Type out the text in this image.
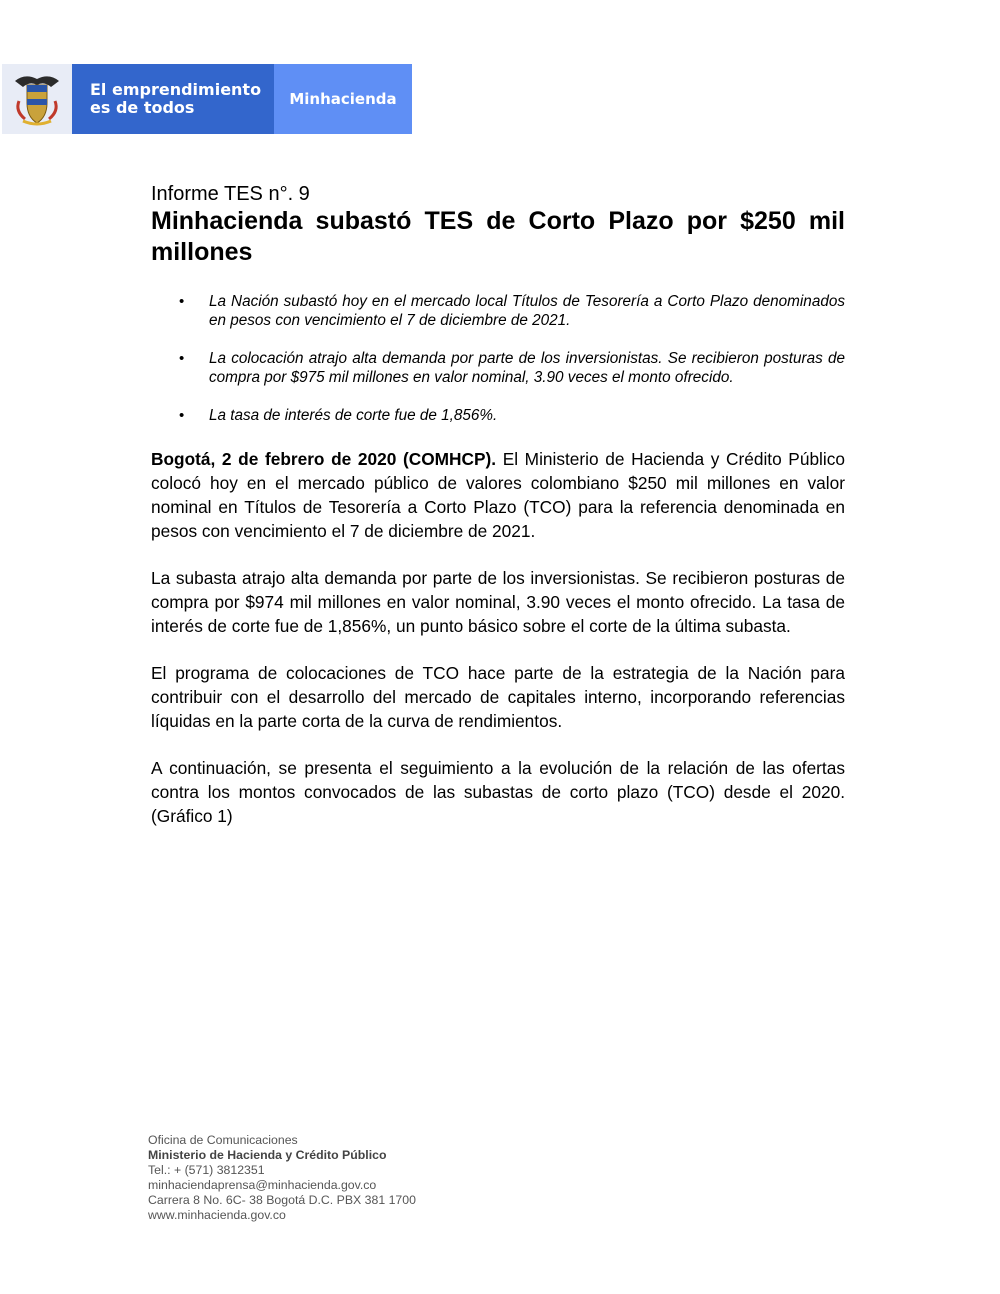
El emprendimiento
es de todos	Minhacienda
Informe TES n°. 9
Minhacienda subastó TES de Corto Plazo por $250 mil millones
• La Nación subastó hoy en el mercado local Títulos de Tesorería a Corto Plazo denominados en pesos con vencimiento el 7 de diciembre de 2021.
• La colocación atrajo alta demanda por parte de los inversionistas. Se recibieron posturas de compra por $975 mil millones en valor nominal, 3.90 veces el monto ofrecido.
• La tasa de interés de corte fue de 1,856%.
Bogotá, 2 de febrero de 2020 (COMHCP). El Ministerio de Hacienda y Crédito Público colocó hoy en el mercado público de valores colombiano $250 mil millones en valor nominal en Títulos de Tesorería a Corto Plazo (TCO) para la referencia denominada en pesos con vencimiento el 7 de diciembre de 2021.
La subasta atrajo alta demanda por parte de los inversionistas. Se recibieron posturas de compra por $974 mil millones en valor nominal, 3.90 veces el monto ofrecido. La tasa de interés de corte fue de 1,856%, un punto básico sobre el corte de la última subasta.
El programa de colocaciones de TCO hace parte de la estrategia de la Nación para contribuir con el desarrollo del mercado de capitales interno, incorporando referencias líquidas en la parte corta de la curva de rendimientos.
A continuación, se presenta el seguimiento a la evolución de la relación de las ofertas contra los montos convocados de las subastas de corto plazo (TCO) desde el 2020. (Gráfico 1)
Oficina de Comunicaciones
Ministerio de Hacienda y Crédito Público
Tel.: + (571) 3812351
minhaciendaprensa@minhacienda.gov.co
Carrera 8 No. 6C- 38 Bogotá D.C. PBX 381 1700
www.minhacienda.gov.co
